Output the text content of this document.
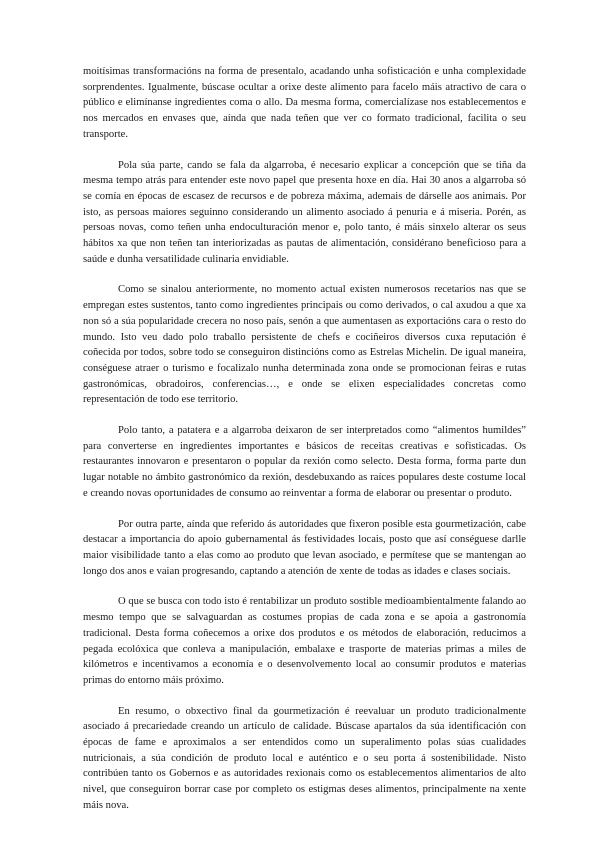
moitísimas transformacións na forma de presentalo, acadando unha sofisticación e unha complexidade sorprendentes. Igualmente, búscase ocultar a orixe deste alimento para facelo máis atractivo de cara o público e elimínanse ingredientes coma o allo. Da mesma forma, comercialízase nos establecementos e nos mercados en envases que, aínda que nada teñen que ver co formato tradicional, facilita o seu transporte.

Pola súa parte, cando se fala da algarroba, é necesario explicar a concepción que se tiña da mesma tempo atrás para entender este novo papel que presenta hoxe en día. Hai 30 anos a algarroba só se comía en épocas de escasez de recursos e de pobreza máxima, ademais de dárselle aos animais. Por isto, as persoas maiores seguinno considerando un alimento asociado á penuria e á miseria. Porén, as persoas novas, como teñen unha endoculturación menor e, polo tanto, é máis sinxelo alterar os seus hábitos xa que non teñen tan interiorizadas as pautas de alimentación, considérano beneficioso para a saúde e dunha versatilidade culinaria envidiable.

Como se sinalou anteriormente, no momento actual existen numerosos recetarios nas que se empregan estes sustentos, tanto como ingredientes principais ou como derivados, o cal axudou a que xa non só a súa popularidade crecera no noso país, senón a que aumentasen as exportacións cara o resto do mundo. Isto veu dado polo traballo persistente de chefs e cociñeiros diversos cuxa reputación é coñecida por todos, sobre todo se conseguiron distincións como as Estrelas Michelin. De igual maneira, conséguese atraer o turismo e focalizalo nunha determinada zona onde se promocionan feiras e rutas gastronómicas, obradoiros, conferencias…, e onde se elixen especialidades concretas como representación de todo ese territorio.

Polo tanto, a patatera e a algarroba deixaron de ser interpretados como “alimentos humildes” para converterse en ingredientes importantes e básicos de receitas creativas e sofisticadas. Os restaurantes innovaron e presentaron o popular da rexión como selecto. Desta forma, forma parte dun lugar notable no ámbito gastronómico da rexión, desdebuxando as raíces populares deste costume local e creando novas oportunidades de consumo ao reinventar a forma de elaborar ou presentar o produto.

Por outra parte, aínda que referido ás autoridades que fixeron posible esta gourmetización, cabe destacar a importancia do apoio gubernamental ás festividades locais, posto que así conséguese darlle maior visibilidade tanto a elas como ao produto que levan asociado, e permítese que se mantengan ao longo dos anos e vaian progresando, captando a atención de xente de todas as idades e clases sociais.

O que se busca con todo isto é rentabilizar un produto sostible medioambientalmente falando ao mesmo tempo que se salvaguardan as costumes propias de cada zona e se apoia a gastronomía tradicional. Desta forma coñecemos a orixe dos produtos e os métodos de elaboración, reducimos a pegada ecolóxica que conleva a manipulación, embalaxe e trasporte de materias primas a miles de kilómetros e incentivamos a economía e o desenvolvemento local ao consumir produtos e materias primas do entorno máis próximo.

En resumo, o obxectivo final da gourmetización é reevaluar un produto tradicionalmente asociado á precariedade creando un artículo de calidade. Búscase apartalos da súa identificación con épocas de fame e aproximalos a ser entendidos como un superalimento polas súas cualidades nutricionais, a súa condición de produto local e auténtico e o seu porta á sostenibilidade. Nisto contribúen tanto os Gobernos e as autoridades rexionais como os establecementos alimentarios de alto nivel, que conseguiron borrar case por completo os estigmas deses alimentos, principalmente na xente máis nova.
